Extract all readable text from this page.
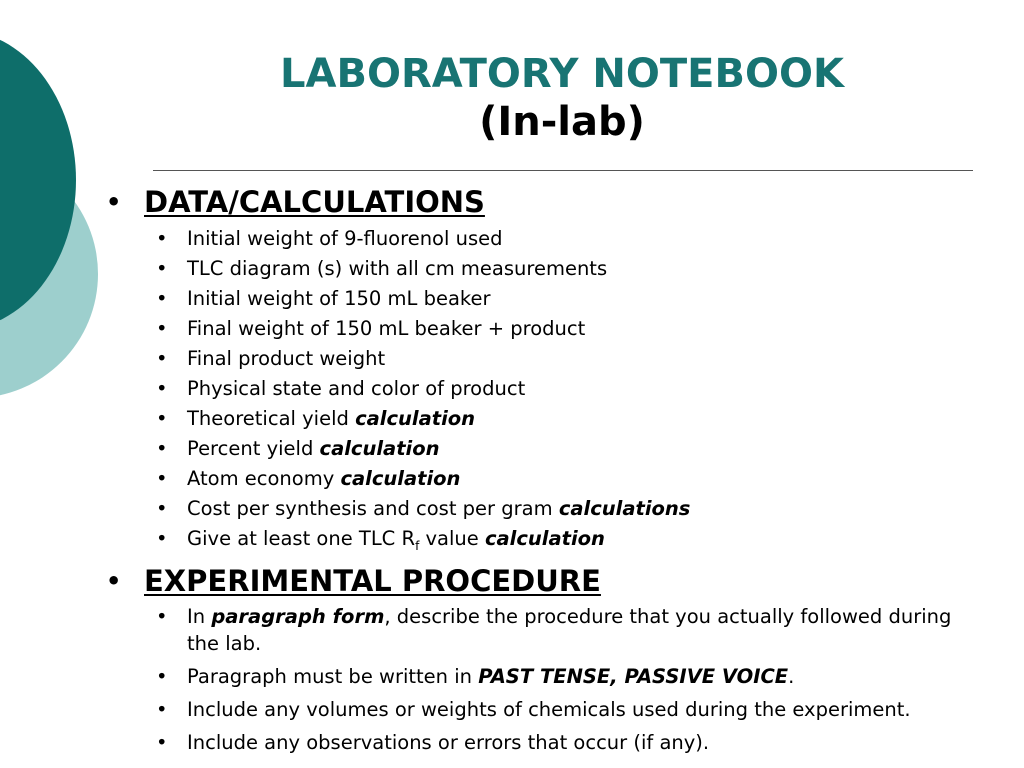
LABORATORY NOTEBOOK
(In-lab)
• DATA/CALCULATIONS
• Initial weight of 9-fluorenol used
• TLC diagram (s) with all cm measurements
• Initial weight of 150 mL beaker
• Final weight of 150 mL beaker + product
• Final product weight
• Physical state and color of product
• Theoretical yield calculation
• Percent yield calculation
• Atom economy calculation
• Cost per synthesis and cost per gram calculations
• Give at least one TLC $R_f$ value calculation
• EXPERIMENTAL PROCEDURE
• In paragraph form, describe the procedure that you actually followed during the lab.
• Paragraph must be written in PAST TENSE, PASSIVE VOICE.
• Include any volumes or weights of chemicals used during the experiment.
• Include any observations or errors that occur (if any).
